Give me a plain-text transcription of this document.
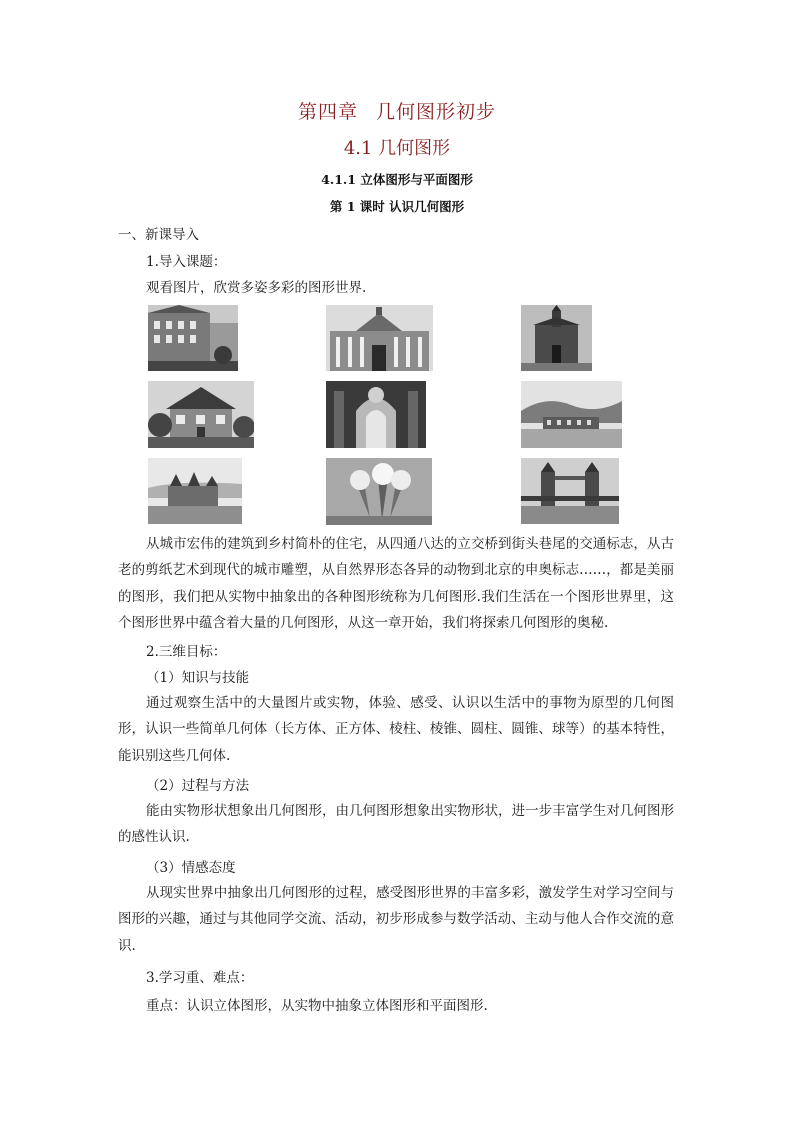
第四章 几何图形初步
4.1 几何图形
4.1.1 立体图形与平面图形
第 1 课时 认识几何图形
一、新课导入
1.导入课题：
观看图片，欣赏多姿多彩的图形世界.
从城市宏伟的建筑到乡村简朴的住宅，从四通八达的立交桥到街头巷尾的交通标志，从古老的剪纸艺术到现代的城市雕塑，从自然界形态各异的动物到北京的申奥标志……，都是美丽的图形，我们把从实物中抽象出的各种图形统称为几何图形.我们生活在一个图形世界里，这个图形世界中蕴含着大量的几何图形，从这一章开始，我们将探索几何图形的奥秘.
2.三维目标：
（1）知识与技能
通过观察生活中的大量图片或实物，体验、感受、认识以生活中的事物为原型的几何图形，认识一些简单几何体（长方体、正方体、棱柱、棱锥、圆柱、圆锥、球等）的基本特性，能识别这些几何体.
（2）过程与方法
能由实物形状想象出几何图形，由几何图形想象出实物形状，进一步丰富学生对几何图形的感性认识.
（3）情感态度
从现实世界中抽象出几何图形的过程，感受图形世界的丰富多彩，激发学生对学习空间与图形的兴趣，通过与其他同学交流、活动，初步形成参与数学活动、主动与他人合作交流的意识.
3.学习重、难点：
重点：认识立体图形，从实物中抽象立体图形和平面图形.
